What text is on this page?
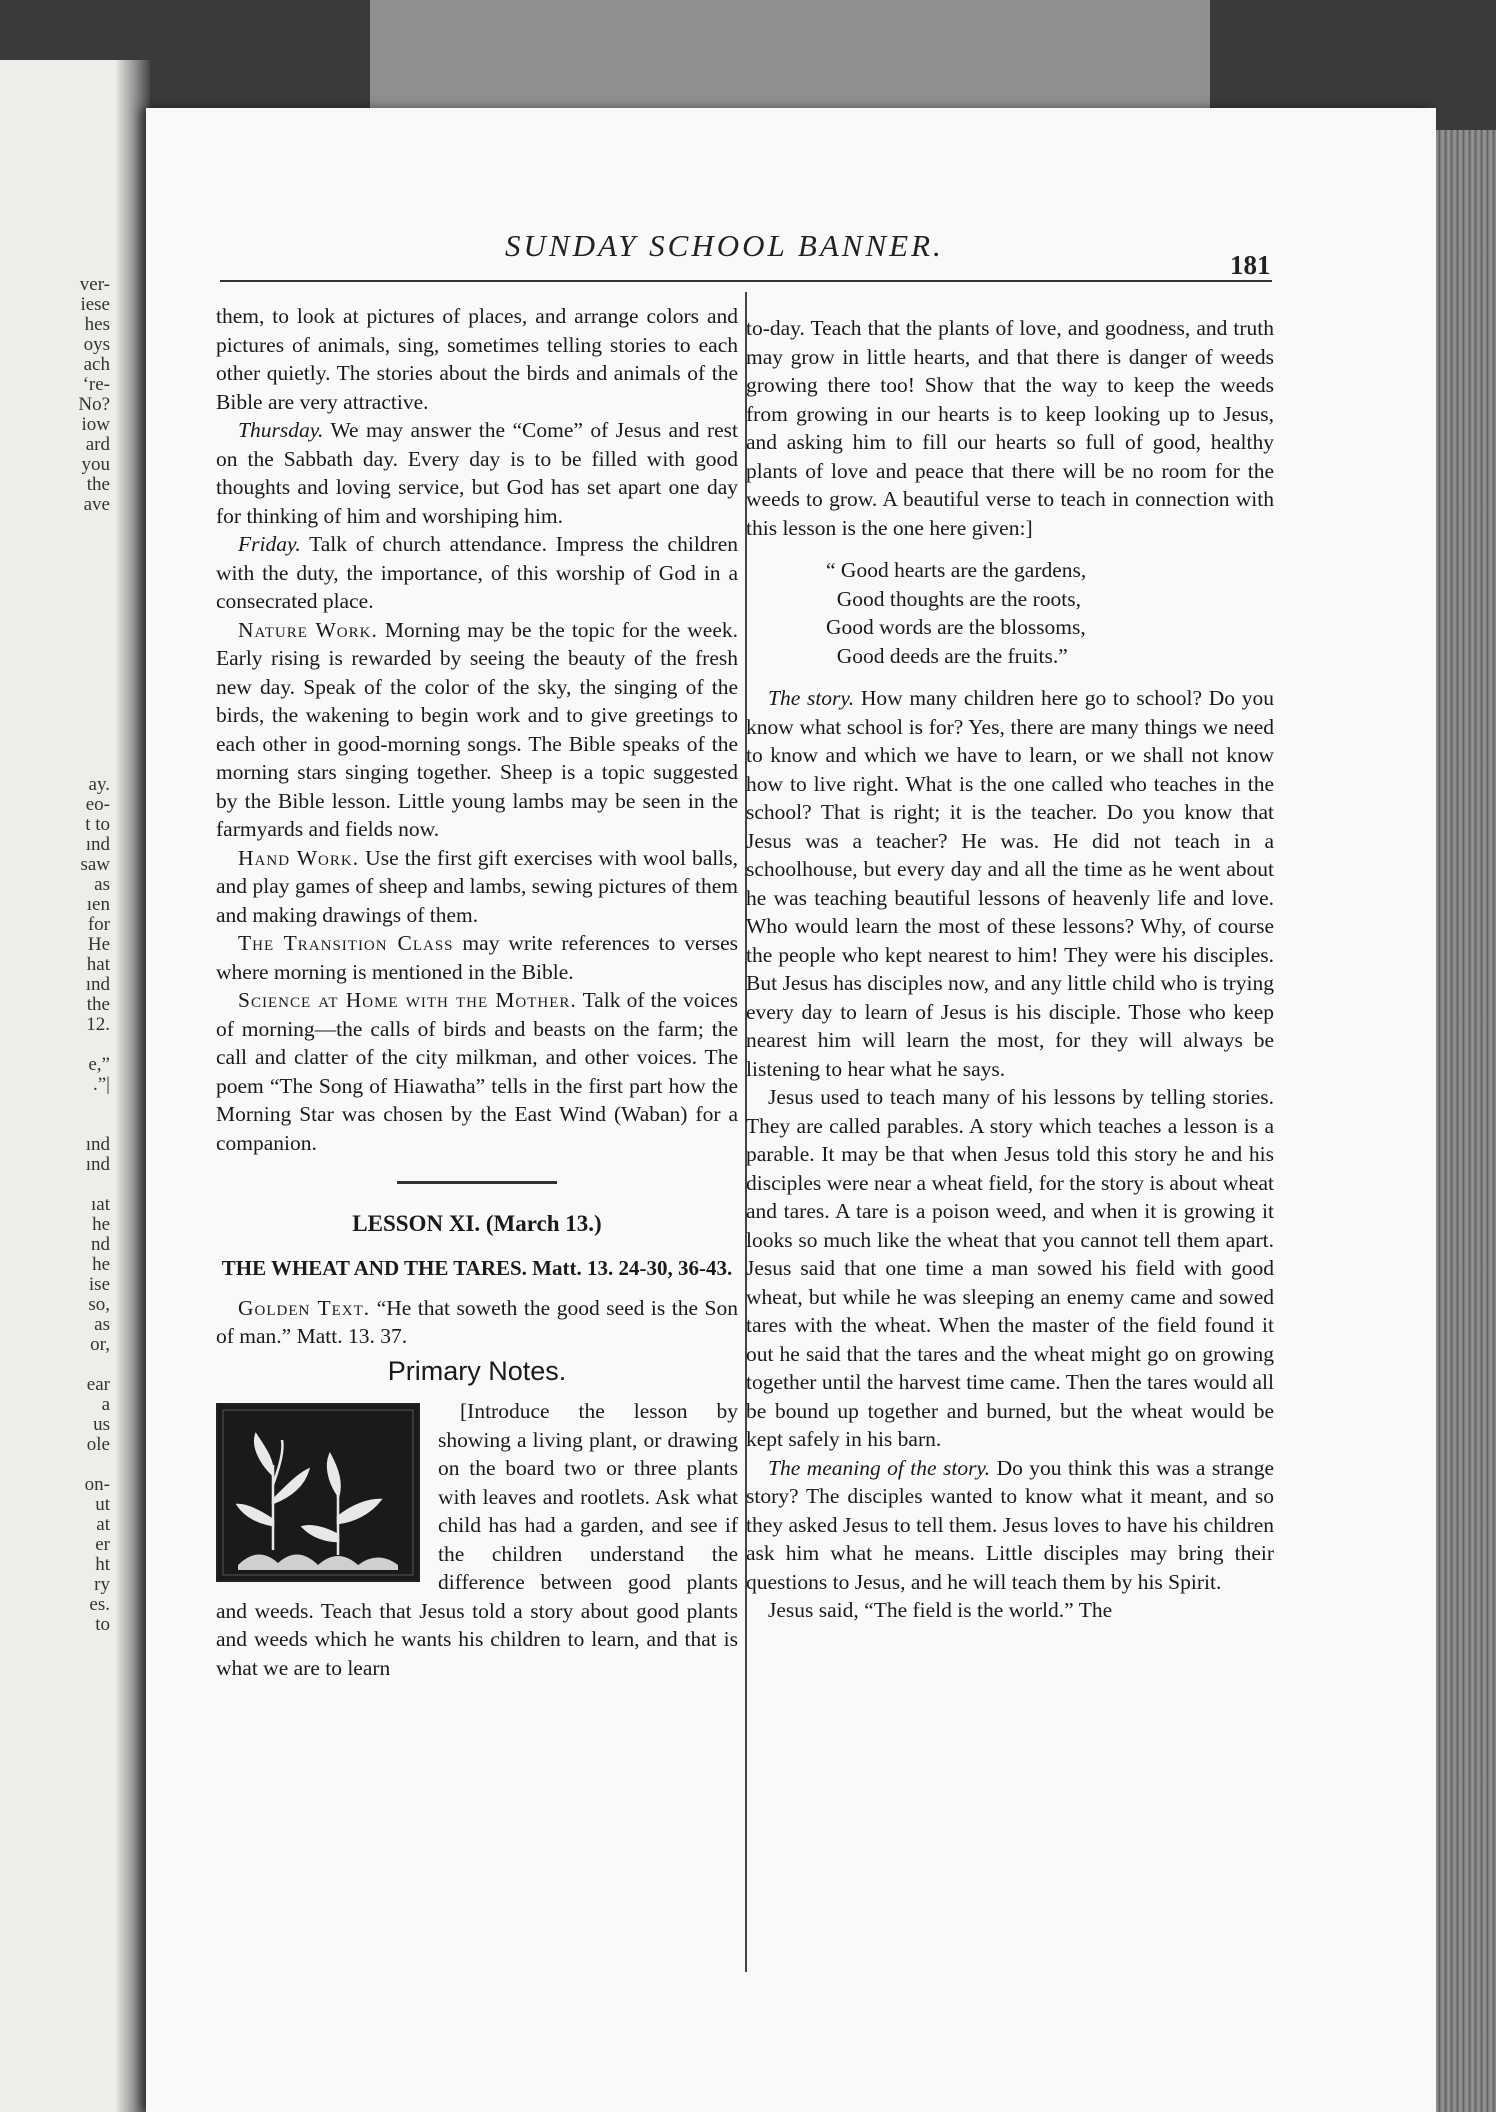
ver-
iese
hes
oys
ach
‘re-
No?
iow
ard
you
the
ave
ay.
eo-
t to
ınd
saw
as
ıen
for
He
hat
ınd
the
12.

e,”
.”|

ınd
ınd

ıat
he
nd
he
ise
so,
as
or,

ear
a
us
ole

on-
ut
at
er
ht
ry
es.
to
SUNDAY SCHOOL BANNER.
181

them, to look at pictures of places, and arrange colors and pictures of animals, sing, sometimes telling stories to each other quietly. The stories about the birds and animals of the Bible are very attractive.

Thursday. We may answer the “Come” of Jesus and rest on the Sabbath day. Every day is to be filled with good thoughts and loving service, but God has set apart one day for thinking of him and worshiping him.

Friday. Talk of church attendance. Impress the children with the duty, the importance, of this worship of God in a consecrated place.

Nature Work. Morning may be the topic for the week. Early rising is rewarded by seeing the beauty of the fresh new day. Speak of the color of the sky, the singing of the birds, the wakening to begin work and to give greetings to each other in good-morning songs. The Bible speaks of the morning stars singing together. Sheep is a topic suggested by the Bible lesson. Little young lambs may be seen in the farmyards and fields now.

Hand Work. Use the first gift exercises with wool balls, and play games of sheep and lambs, sewing pictures of them and making drawings of them.

The Transition Class may write references to verses where morning is mentioned in the Bible.

Science at Home with the Mother. Talk of the voices of morning—the calls of birds and beasts on the farm; the call and clatter of the city milkman, and other voices. The poem “The Song of Hiawatha” tells in the first part how the Morning Star was chosen by the East Wind (Waban) for a companion.

LESSON XI. (March 13.)
THE WHEAT AND THE TARES. Matt. 13. 24-30, 36-43.

Golden Text. “He that soweth the good seed is the Son of man.” Matt. 13. 37.

Primary Notes.

[Introduce the lesson by showing a living plant, or drawing on the board two or three plants with leaves and rootlets. Ask what child has had a garden, and see if the children understand the difference between good plants and weeds. Teach that Jesus told a story about good plants and weeds which he wants his children to learn, and that is what we are to learn

to-day. Teach that the plants of love, and goodness, and truth may grow in little hearts, and that there is danger of weeds growing there too! Show that the way to keep the weeds from growing in our hearts is to keep looking up to Jesus, and asking him to fill our hearts so full of good, healthy plants of love and peace that there will be no room for the weeds to grow. A beautiful verse to teach in connection with this lesson is the one here given:]

“ Good hearts are the gardens,
Good thoughts are the roots,
Good words are the blossoms,
Good deeds are the fruits.”

The story. How many children here go to school? Do you know what school is for? Yes, there are many things we need to know and which we have to learn, or we shall not know how to live right. What is the one called who teaches in the school? That is right; it is the teacher. Do you know that Jesus was a teacher? He was. He did not teach in a schoolhouse, but every day and all the time as he went about he was teaching beautiful lessons of heavenly life and love. Who would learn the most of these lessons? Why, of course the people who kept nearest to him! They were his disciples. But Jesus has disciples now, and any little child who is trying every day to learn of Jesus is his disciple. Those who keep nearest him will learn the most, for they will always be listening to hear what he says.

Jesus used to teach many of his lessons by telling stories. They are called parables. A story which teaches a lesson is a parable. It may be that when Jesus told this story he and his disciples were near a wheat field, for the story is about wheat and tares. A tare is a poison weed, and when it is growing it looks so much like the wheat that you cannot tell them apart. Jesus said that one time a man sowed his field with good wheat, but while he was sleeping an enemy came and sowed tares with the wheat. When the master of the field found it out he said that the tares and the wheat might go on growing together until the harvest time came. Then the tares would all be bound up together and burned, but the wheat would be kept safely in his barn.

The meaning of the story. Do you think this was a strange story? The disciples wanted to know what it meant, and so they asked Jesus to tell them. Jesus loves to have his children ask him what he means. Little disciples may bring their questions to Jesus, and he will teach them by his Spirit.

Jesus said, “The field is the world.” The
